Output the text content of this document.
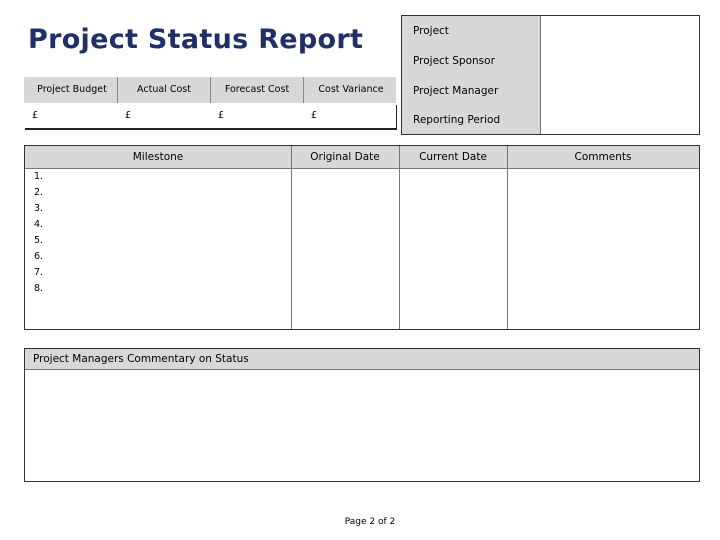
Project Status Report
Project Budget	Actual Cost	Forecast Cost	Cost Variance
£	£	£	£
Project
Project Sponsor
Project Manager
Reporting Period
Milestone	Original Date	Current Date	Comments
1.
2.
3.
4.
5.
6.
7.
8.
Project Managers Commentary on Status
Page 2 of 2
